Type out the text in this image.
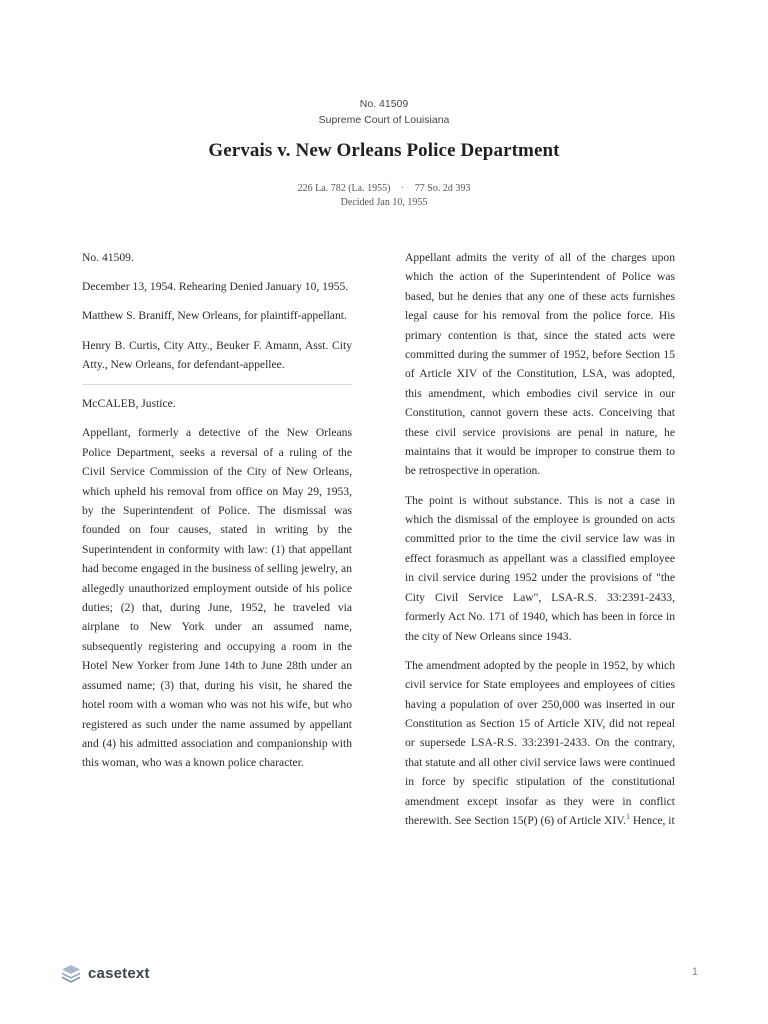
No. 41509
Supreme Court of Louisiana
Gervais v. New Orleans Police Department
226 La. 782 (La. 1955) · 77 So. 2d 393
Decided Jan 10, 1955

No. 41509.

December 13, 1954. Rehearing Denied January 10, 1955.

Matthew S. Braniff, New Orleans, for plaintiff-appellant.

Henry B. Curtis, City Atty., Beuker F. Amann, Asst. City Atty., New Orleans, for defendant-appellee.

McCALEB, Justice.

Appellant, formerly a detective of the New Orleans Police Department, seeks a reversal of a ruling of the Civil Service Commission of the City of New Orleans, which upheld his removal from office on May 29, 1953, by the Superintendent of Police. The dismissal was founded on four causes, stated in writing by the Superintendent in conformity with law: (1) that appellant had become engaged in the business of selling jewelry, an allegedly unauthorized employment outside of his police duties; (2) that, during June, 1952, he traveled via airplane to New York under an assumed name, subsequently registering and occupying a room in the Hotel New Yorker from June 14th to June 28th under an assumed name; (3) that, during his visit, he shared the hotel room with a woman who was not his wife, but who registered as such under the name assumed by appellant and (4) his admitted association and companionship with this woman, who was a known police character.

Appellant admits the verity of all of the charges upon which the action of the Superintendent of Police was based, but he denies that any one of these acts furnishes legal cause for his removal from the police force. His primary contention is that, since the stated acts were committed during the summer of 1952, before Section 15 of Article XIV of the Constitution, LSA, was adopted, this amendment, which embodies civil service in our Constitution, cannot govern these acts. Conceiving that these civil service provisions are penal in nature, he maintains that it would be improper to construe them to be retrospective in operation.

The point is without substance. This is not a case in which the dismissal of the employee is grounded on acts committed prior to the time the civil service law was in effect forasmuch as appellant was a classified employee in civil service during 1952 under the provisions of "the City Civil Service Law", LSA-R.S. 33:2391-2433, formerly Act No. 171 of 1940, which has been in force in the city of New Orleans since 1943.

The amendment adopted by the people in 1952, by which civil service for State employees and employees of cities having a population of over 250,000 was inserted in our Constitution as Section 15 of Article XIV, did not repeal or supersede LSA-R.S. 33:2391-2433. On the contrary, that statute and all other civil service laws were continued in force by specific stipulation of the constitutional amendment except insofar as they were in conflict therewith. See Section 15(P) (6) of Article XIV.$^1$ Hence, it

casetext	1
